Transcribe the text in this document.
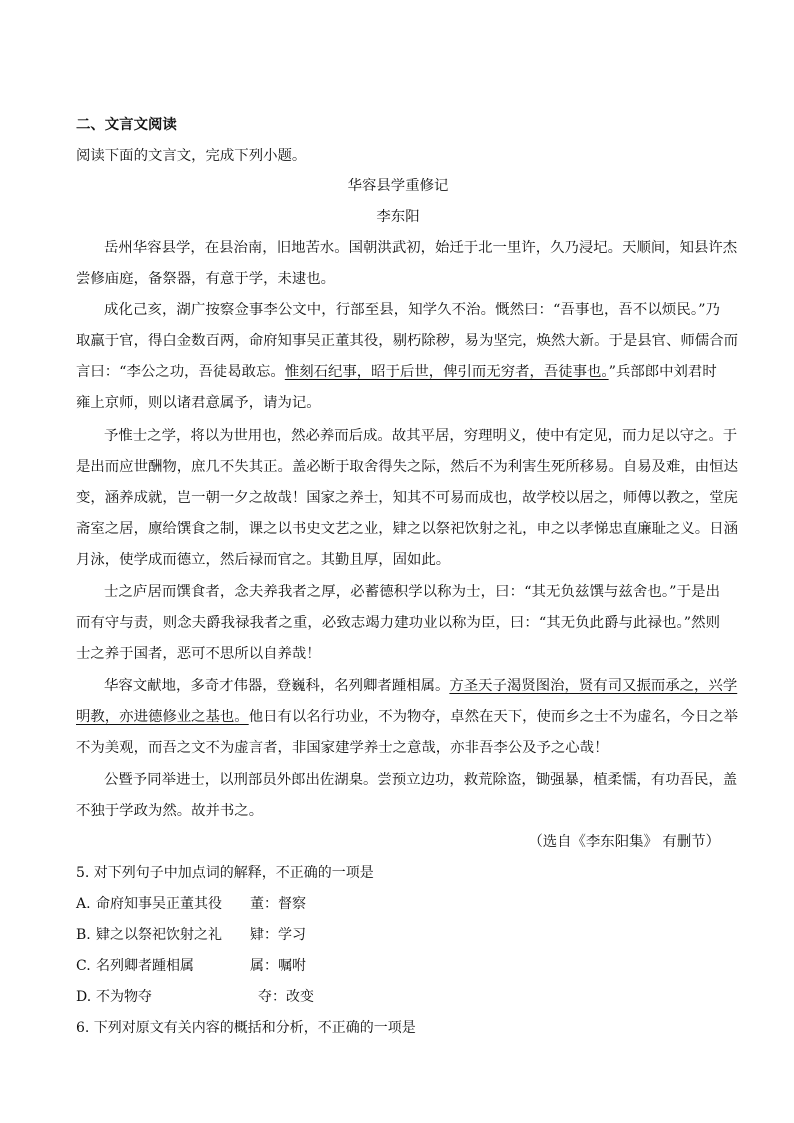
二、文言文阅读
阅读下面的文言文，完成下列小题。
华容县学重修记
李东阳
岳州华容县学，在县治南，旧地苦水。国朝洪武初，始迁于北一里许，久乃浸圮。天顺间，知县许杰
尝修庙庭，备祭器，有意于学，未逮也。
成化己亥，湖广按察佥事李公文中，行部至县，知学久不治。慨然曰：“吾事也，吾不以烦民。”乃
取羸于官，得白金数百两，命府知事吴正董其役，剔朽除秽，易为坚完，焕然大新。于是县官、师儒合而
言曰：“李公之功，吾徒曷敢忘。惟刻石纪事，昭于后世，俾引而无穷者，吾徒事也。”兵部郎中刘君时
雍上京师，则以诸君意属予，请为记。
予惟士之学，将以为世用也，然必养而后成。故其平居，穷理明义，使中有定见，而力足以守之。于
是出而应世酬物，庶几不失其正。盖必断于取舍得失之际，然后不为利害生死所移易。自易及难，由恒达
变，涵养成就，岂一朝一夕之故哉！国家之养士，知其不可易而成也，故学校以居之，师傅以教之，堂庑
斋室之居，廪给馔食之制，课之以书史文艺之业，肄之以祭祀饮射之礼，申之以孝悌忠直廉耻之义。日涵
月泳，使学成而德立，然后禄而官之。其勤且厚，固如此。
士之庐居而馔食者，念夫养我者之厚，必蓄德积学以称为士，曰：“其无负兹馔与兹舍也。”于是出
而有守与责，则念夫爵我禄我者之重，必致志竭力建功业以称为臣，曰：“其无负此爵与此禄也。”然则
士之养于国者，恶可不思所以自养哉！
华容文献地，多奇才伟器，登巍科，名列卿者踵相属。方圣天子渴贤图治，贤有司又振而承之，兴学
明教，亦进德修业之基也。他日有以名行功业，不为物夺，卓然在天下，使而乡之士不为虚名，今日之举
不为美观，而吾之文不为虚言者，非国家建学养士之意哉，亦非吾李公及予之心哉！
公暨予同举进士，以刑部员外郎出佐湖臬。尝预立边功，救荒除盗，锄强暴，植柔懦，有功吾民，盖
不独于学政为然。故并书之。
（选自《李东阳集》 有删节）
5. 对下列句子中加点词的解释，不正确的一项是
A. 命府知事吴正董其役 董：督察
B. 肄之以祭祀饮射之礼 肄：学习
C. 名列卿者踵相属	属：嘱咐
D. 不为物夺	夺：改变
6. 下列对原文有关内容的概括和分析，不正确的一项是
